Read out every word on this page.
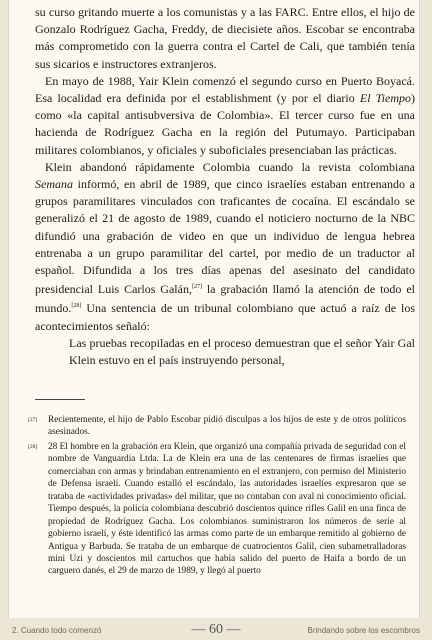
su curso gritando muerte a los comunistas y a las FARC. Entre ellos, el hijo de Gonzalo Rodríguez Gacha, Freddy, de diecisiete años. Escobar se encontraba más comprometido con la guerra contra el Cartel de Cali, que también tenía sus sicarios e instructores extranjeros.

En mayo de 1988, Yair Klein comenzó el segundo curso en Puerto Boyacá. Esa localidad era definida por el establishment (y por el diario El Tiempo) como «la capital antisubversiva de Colombia». El tercer curso fue en una hacienda de Rodríguez Gacha en la región del Putumayo. Participaban militares colombianos, y oficiales y suboficiales presenciaban las prácticas.

Klein abandonó rápidamente Colombia cuando la revista colombiana Semana informó, en abril de 1989, que cinco israelíes estaban entrenando a grupos paramilitares vinculados con traficantes de cocaína. El escándalo se generalizó el 21 de agosto de 1989, cuando el noticiero nocturno de la NBC difundió una grabación de video en que un individuo de lengua hebrea entrenaba a un grupo paramilitar del cartel, por medio de un traductor al español. Difundida a los tres días apenas del asesinato del candidato presidencial Luis Carlos Galán,[27] la grabación llamó la atención de todo el mundo.[28] Una sentencia de un tribunal colombiano que actuó a raíz de los acontecimientos señaló:

Las pruebas recopiladas en el proceso demuestran que el señor Yair Gal Klein estuvo en el país instruyendo personal,

[27] Recientemente, el hijo de Pablo Escobar pidió disculpas a los hijos de este y de otros políticos asesinados.

[28] 28 El hombre en la grabación era Klein, que organizó una compañía privada de seguridad con el nombre de Vanguardia Ltda. La de Klein era una de las centenares de firmas israelíes que comerciaban con armas y brindaban entrenamiento en el extranjero, con permiso del Ministerio de Defensa israelí. Cuando estalló el escándalo, las autoridades israelíes expresaron que se trataba de «actividades privadas» del militar, que no contaban con aval ni conocimiento oficial. Tiempo después, la policía colombiana descubrió doscientos quince rifles Galil en una finca de propiedad de Rodríguez Gacha. Los colombianos suministraron los números de serie al gobierno israelí, y éste identificó las armas como parte de un embarque remitido al gobierno de Antigua y Barbuda. Se trataba de un embarque de cuatrocientos Galil, cien subametralladoras mini Uzi y doscientos mil cartuchos que había salido del puerto de Haifa a bordo de un carguero danés, el 29 de marzo de 1989, y llegó al puerto

2. Cuando todo comenzó	— 60 —	Brindando sobre los escombros
